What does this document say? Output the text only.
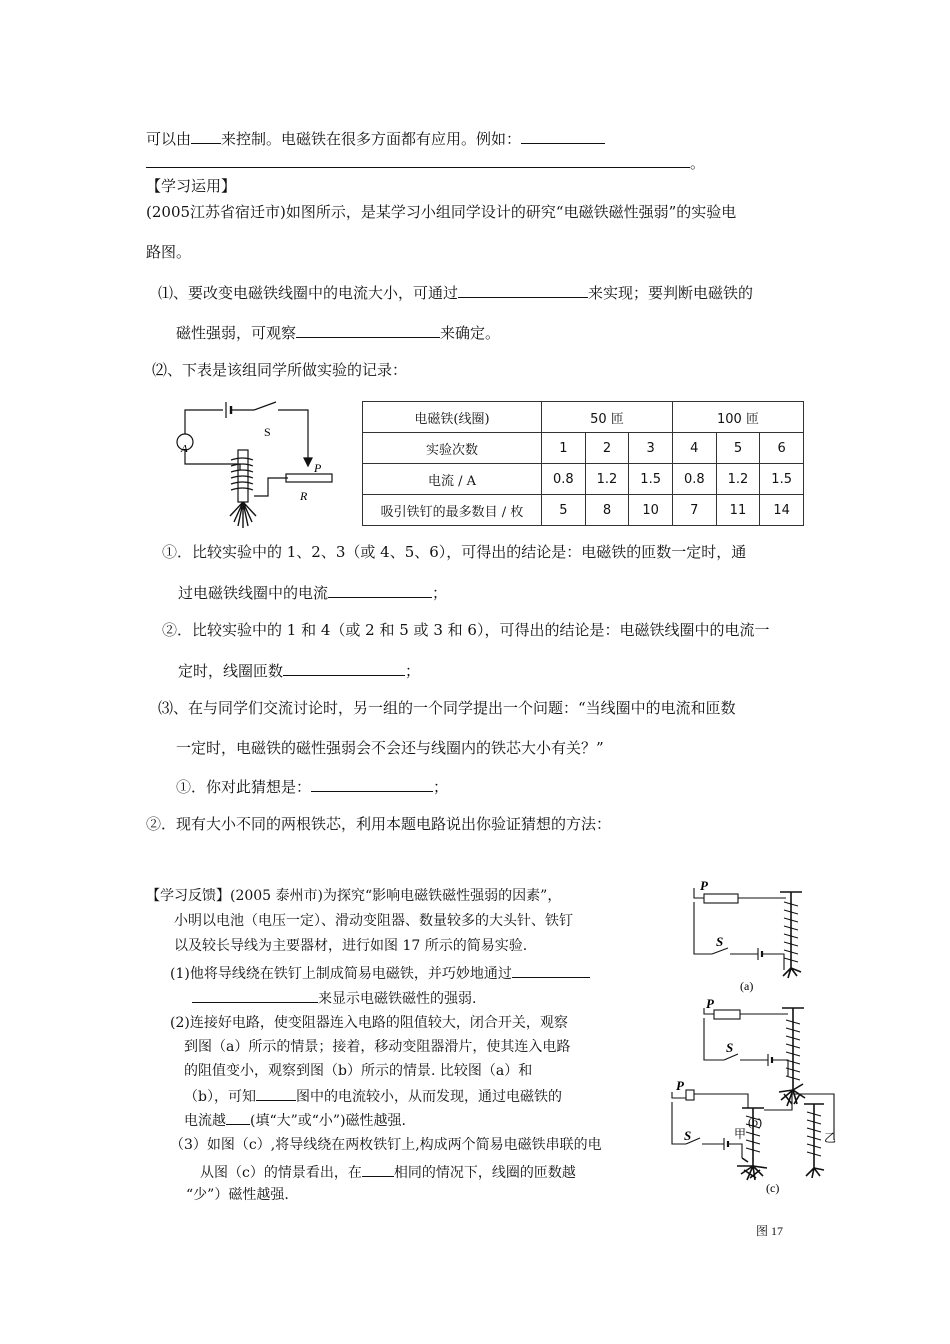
可以由 来控制。电磁铁在很多方面都有应用。例如：
。
【学习运用】
(2005江苏省宿迁市)如图所示，是某学习小组同学设计的研究“电磁铁磁性强弱”的实验电
路图。
⑴、要改变电磁铁线圈中的电流大小，可通过	来实现；要判断电磁铁的
磁性强弱，可观察	来确定。
⑵、下表是该组同学所做实验的记录：
A
S
P
R
电磁铁(线圈)	50 匝			100 匝		
实验次数	1	2	3	4	5	6
电流 / A	0.8	1.2	1.5	0.8	1.2	1.5
吸引铁钉的最多数目 / 枚	5	8	10	7	11	14
①．比较实验中的 1、2、3（或 4、5、6），可得出的结论是：电磁铁的匝数一定时，通
过电磁铁线圈中的电流	；
②．比较实验中的 1 和 4（或 2 和 5 或 3 和 6），可得出的结论是：电磁铁线圈中的电流一
定时，线圈匝数	；
⑶、在与同学们交流讨论时，另一组的一个同学提出一个问题：“当线圈中的电流和匝数
一定时，电磁铁的磁性强弱会不会还与线圈内的铁芯大小有关？”
①．你对此猜想是：	；
②．现有大小不同的两根铁芯，利用本题电路说出你验证猜想的方法：
【学习反馈】(2005 泰州市)为探究“影响电磁铁磁性强弱的因素”，
小明以电池（电压一定）、滑动变阻器、数量较多的大头针、铁钉
以及较长导线为主要器材，进行如图 17 所示的简易实验.
(1)他将导线绕在铁钉上制成简易电磁铁，并巧妙地通过
来显示电磁铁磁性的强弱.
(2)连接好电路，使变阻器连入电路的阻值较大，闭合开关，观察
到图（a）所示的情景；接着，移动变阻器滑片，使其连入电路
的阻值变小，观察到图（b）所示的情景. 比较图（a）和
（b），可知	图中的电流较小，从而发现，通过电磁铁的
电流越 (填“大”或“小”)磁性越强.
（3）如图（c）,将导线绕在两枚铁钉上,构成两个简易电磁铁串联的电
从图（c）的情景看出，在 相同的情况下，线圈的匝数越
“少”）磁性越强.
P
S
(a)
P
S
(b)
P
S	甲	乙
(c)
图 17
